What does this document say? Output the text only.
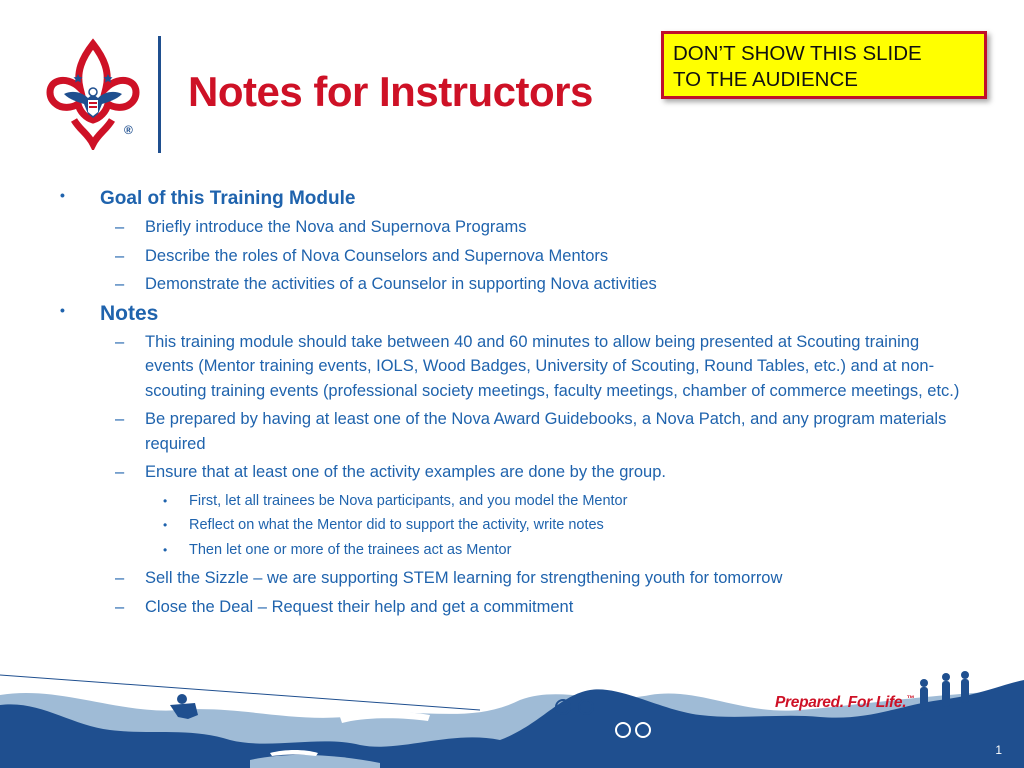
®
Notes for Instructors
DON’T SHOW THIS SLIDE
TO THE AUDIENCE
• Goal of this Training Module
– Briefly introduce the Nova and Supernova Programs
– Describe the roles of Nova Counselors and Supernova Mentors
– Demonstrate the activities of a Counselor in supporting Nova activities
• Notes
– This training module should take between 40 and 60 minutes to allow being presented at Scouting training events (Mentor training events, IOLS, Wood Badges, University of Scouting, Round Tables, etc.) and at non-scouting training events (professional society meetings, faculty meetings, chamber of commerce meetings, etc.)
– Be prepared by having at least one of the Nova Award Guidebooks, a Nova Patch, and any program materials required
– Ensure that at least one of the activity examples are done by the group.
• First, let all trainees be Nova participants, and you model the Mentor
• Reflect on what the Mentor did to support the activity, write notes
• Then let one or more of the trainees act as Mentor
– Sell the Sizzle – we are supporting STEM learning for strengthening youth for tomorrow
– Close the Deal – Request their help and get a commitment
Prepared. For Life.™
1
